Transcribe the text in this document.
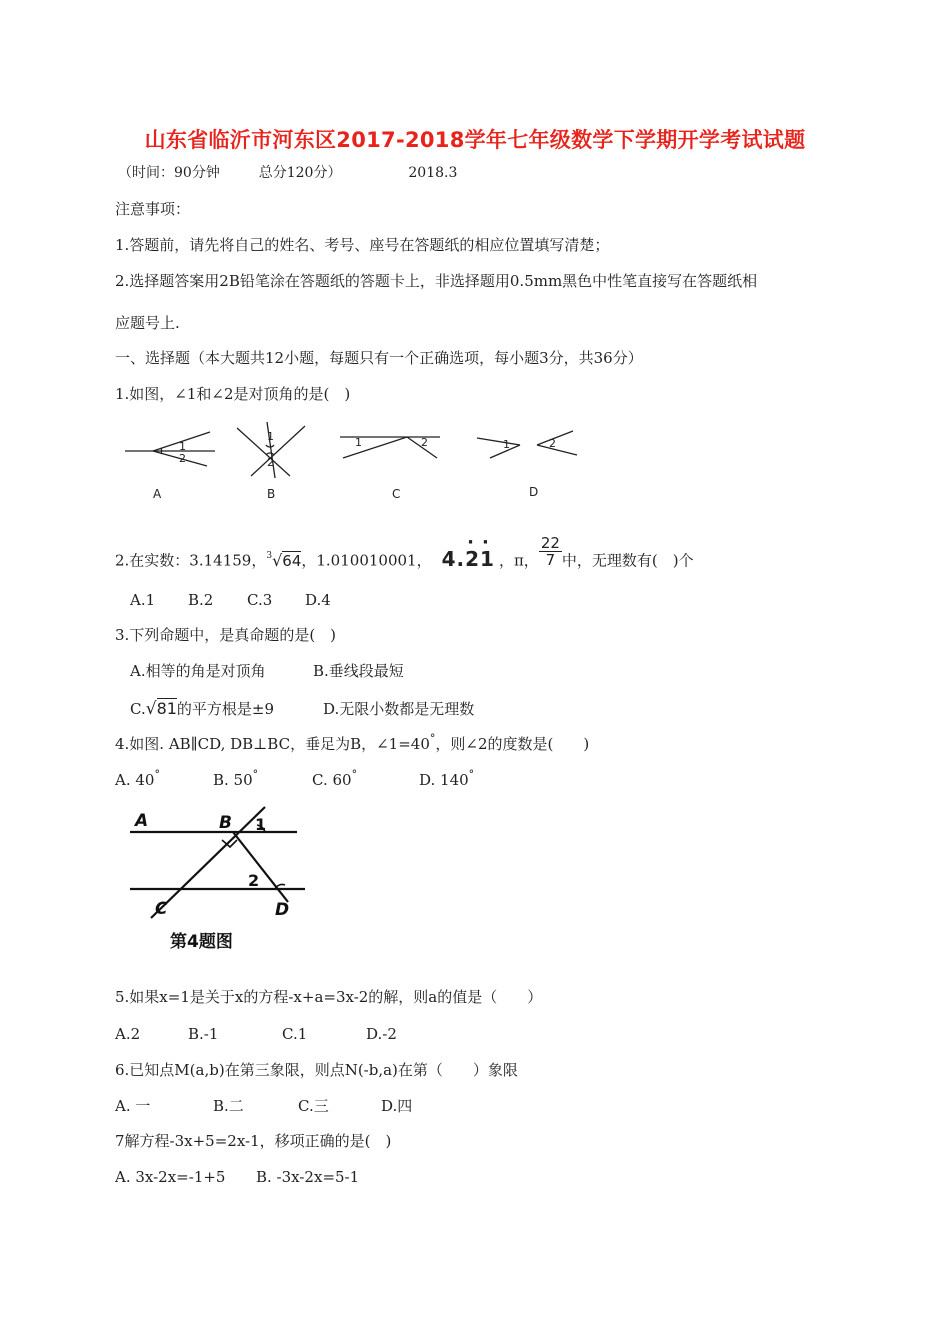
山东省临沂市河东区2017-2018学年七年级数学下学期开学考试试题
（时间：90分钟	总分120分）	2018.3
注意事项：
1.答题前，请先将自己的姓名、考号、座号在答题纸的相应位置填写清楚；
2.选择题答案用2B铅笔涂在答题纸的答题卡上，非选择题用0.5mm黑色中性笔直接写在答题纸相
应题号上.
一、选择题（本大题共12小题，每题只有一个正确选项，每小题3分，共36分）
1.如图，∠1和∠2是对顶角的是(　)
1
2
A
1
2
B
1	2
C
1	2
D
2.在实数：3.14159，$^3$√64，1.010010001， 4.2
·
1
·
，π， $\frac{22}{7}$ 中，无理数有(　)个
A.1 B.2 C.3 D.4
3.下列命题中，是真命题的是(　)
A.相等的角是对顶角	B.垂线段最短
C.√81的平方根是±9	D.无限小数都是无理数
4.如图. AB∥CD, DB⊥BC，垂足为B，∠1=40°，则∠2的度数是(　　)
A. 40°	B. 50°	C. 60°	D. 140°
A	B 1
2
C	D
第4题图
5.如果x=1是关于x的方程-x+a=3x-2的解，则a的值是（　　）
A.2	B.-1	C.1	D.-2
6.已知点M(a,b)在第三象限，则点N(-b,a)在第（　　）象限
A. 一	B.二	C.三	D.四
7解方程-3x+5=2x-1，移项正确的是(　)
A. 3x-2x=-1+5 B. -3x-2x=5-1
